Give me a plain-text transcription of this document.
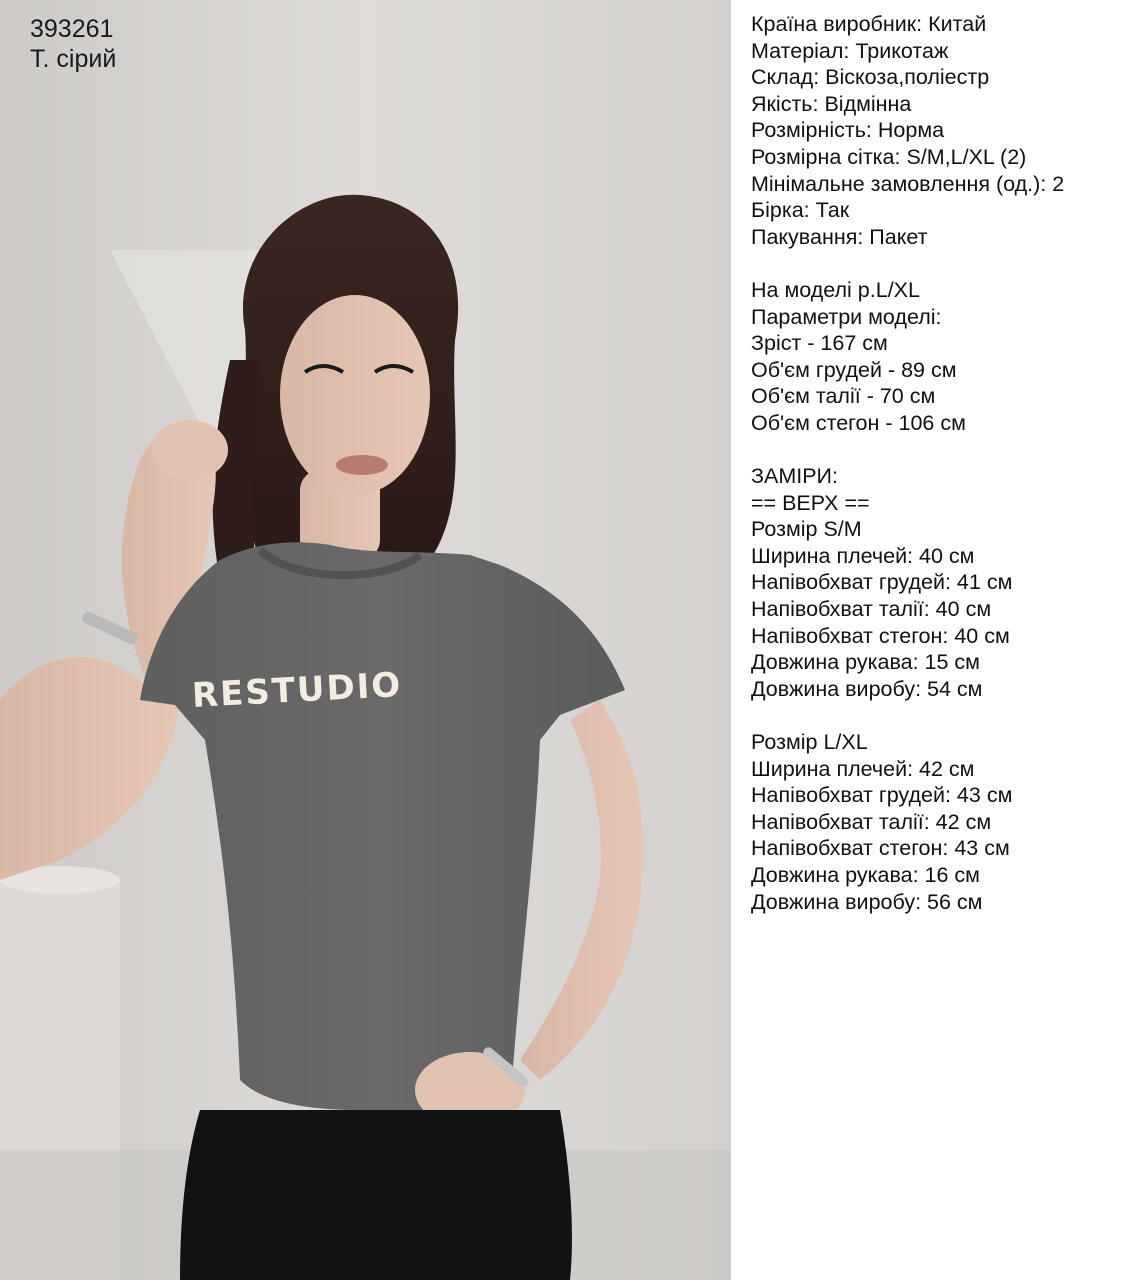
RESTUDIO
393261
Т. сірий
Країна виробник: Китай
Матеріал: Трикотаж
Склад: Віскоза,поліестр
Якість: Відмінна
Розмірність: Норма
Розмірна сітка: S/M,L/XL (2)
Мінімальне замовлення (од.): 2
Бірка: Так
Пакування: Пакет
На моделі р.L/XL
Параметри моделі:
Зріст - 167 см
Об'єм грудей - 89 см
Об'єм талії - 70 см
Об'єм стегон - 106 см
ЗАМІРИ:
== ВЕРХ ==
Розмір S/M
Ширина плечей: 40 см
Напівобхват грудей: 41 см
Напівобхват талії: 40 см
Напівобхват стегон: 40 см
Довжина рукава: 15 см
Довжина виробу: 54 см
Розмір L/XL
Ширина плечей: 42 см
Напівобхват грудей: 43 см
Напівобхват талії: 42 см
Напівобхват стегон: 43 см
Довжина рукава: 16 см
Довжина виробу: 56 см
